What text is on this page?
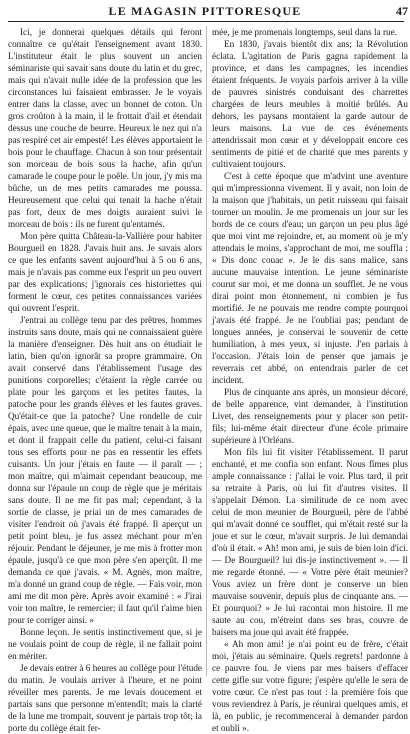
LE MAGASIN PITTORESQUE	47

Ici, je donnerai quelques détails qui feront connaître ce qu'était l'enseignement avant 1830. L'instituteur était le plus souvent un ancien séminariste qui savait sans doute du latin et du grec, mais qui n'avait nulle idée de la profession que les circonstances lui faisaient embrasser. Je le voyais entrer dans la classe, avec un bonnet de coton. Un gros croûton à la main, il le frottait d'ail et étendait dessus une couche de beurre. Heureux le nez qui n'a pas respiré cet air empesté! Les élèves apportaient le bois pour le chauffage. Chacun à son tour présentait son morceau de bois sous la hache, afin qu'un camarade le coupe pour le poêle. Un jour, j'y mis ma bûche, un de mes petits camarades me poussa. Heureusement que celui qui tenait la hache n'était pas fort, deux de mes doigts auraient suivi le morceau de bois : ils ne furent qu'entamés.

Mon père quitta Château-la-Vallière pour habiter Bourgueil en 1828. J'avais huit ans. Je savais alors ce que les enfants savent aujourd'hui à 5 ou 6 ans, mais je n'avais pas comme eux l'esprit un peu ouvert par des explications; j'ignorais ces historiettes qui forment le cœur, ces petites connaissances variées qui ouvrent l'esprit.

J'entrai au collège tenu par des prêtres, hommes instruits sans doute, mais qui ne connaissaient guère la manière d'enseigner. Dès huit ans on étudiait le latin, bien qu'on ignorât sa propre grammaire. On avait conservé dans l'établissement l'usage des punitions corporelles; c'étaient la règle carrée ou plate pour les garçons et les petites fautes, la patoche pour les grands élèves et les fautes graves. Qu'était-ce que la patoche? Une rondelle de cuir épais, avec une queue, que le maître tenait à la main, et dont il frappait celle du patient, celui-ci faisant tous ses efforts pour ne pas en ressentir les effets cuisants. Un jour j'étais en faute — il paraît — ; mon maître, qui m'aimait cependant beaucoup, me donna sur l'épaule un coup de règle que je méritais sans doute. Il ne me fit pas mal; cependant, à la sortie de classe, je priai un de mes camarades de visiter l'endroit où j'avais été frappé. Il aperçut un petit point bleu, je fus assez méchant pour m'en réjouir. Pendant le déjeuner, je me mis à frotter mon épaule, jusqu'à ce que mon père s'en aperçût. Il me demanda ce que j'avais. « M. Agnès, mon maître, m'a donné un grand coup de règle. — Fais voir, mon ami me dit mon père. Après avoir examiné : « J'irai voir ton maître, le remercier; il faut qu'il t'aime bien pour te corriger ainsi. »

Bonne leçon. Je sentis instinctivement que, si je ne voulais point de coup de règle, il ne fallait point en mériter.

Je devais entrer à 6 heures au collège pour l'étude du matin. Je voulais arriver à l'heure, et ne point réveiller mes parents. Je me levais doucement et partais sans que personne m'entendît; mais la clarté de la lune me trompait, souvent je partais trop tôt; la porte du collège était fer-

mée, je me promenais longtemps, seul dans la rue.

En 1830, j'avais bientôt dix ans; la Révolution éclata. L'agitation de Paris gagna rapidement la province, et dans les campagnes, les incendies étaient fréquents. Je voyais parfois arriver à la ville de pauvres sinistrés conduisant des charrettes chargées de leurs meubles à moitié brûlés. Au dehors, les paysans montaient la garde autour de leurs maisons. La vue de ces événements attendrissait mon cœur et y développait encore ces sentiments de pitié et de charité que mes parents y cultivaient toujours.

C'est à cette époque que m'advint une aventure qui m'impressionna vivement. Il y avait, non loin de la maison que j'habitais, un petit ruisseau qui faisait tourner un moulin. Je me promenais un jour sur les bords de ce cours d'eau; un garçon un peu plus âgé que moi vint me rejoindre, et, au moment où je m'y attendais le moins, s'approchant de moi, me souffla : « Dis donc couac ». Je le dis sans malice, sans aucune mauvaise intention. Le jeune séminariste courut sur moi, et me donna un soufflet. Je ne vous dirai point mon étonnement, ni combien je fus mortifié. Je ne pouvais me rendre compte pourquoi j'avais été frappé. Je ne l'oubliai pas; pendant de longues années, je conservai le souvenir de cette humiliation, à mes yeux, si injuste. J'en parlais à l'occasion. J'étais loin de penser que jamais je reverrais cet abbé, on entendrais parler de cet incident.

Plus de cinquante ans après, un monsieur décoré, de belle apparence, vint demander, à l'institution Livet, des renseignements pour y placer son petit-fils; lui-même était directeur d'une école primaire supérieure à l'Orléans.

Mon fils lui fit visiter l'établissement. Il parut enchanté, et me confia son enfant. Nous fîmes plus ample connaissance : j'allai le voir. Plus tard, il prit sa retraite à Paris, où lui fit d'autres visites. Il s'appelait Démon. La similitude de ce nom avec celui de mon meunier de Bourgueil, père de l'abbé qui m'avait donné ce soufflet, qui m'était resté sur la joue et sur le cœur, m'avait surpris. Je lui demandai d'où il était. « Ah! mon ami, je suis de bien loin d'ici. — De Bourgueil? lui dis-je instinctivement ». — Il me regarde étonné. — « Votre père était meunier? Vous aviez un frère dont je conserve un bien mauvaise souvenir, depuis plus de cinquante ans. — Et pourquoi? » Je lui racontai mon histoire. Il me saute au cou, m'étreint dans ses bras, couvre de baisers ma joue qui avait été frappée.

« Ah mon ami! je n'ai point eu de frère, c'était moi, j'étais au séminaire. Quels regrets! pardonne à ce pauvre fou. Je viens par mes baisers d'effacer cette gifle sur votre figure; j'espère qu'elle le sera de votre cœur. Ce n'est pas tout : la première fois que vous reviendrez à Paris, je réunirai quelques amis, et là, en public, je recommencerai à demander pardon et oubli ».
